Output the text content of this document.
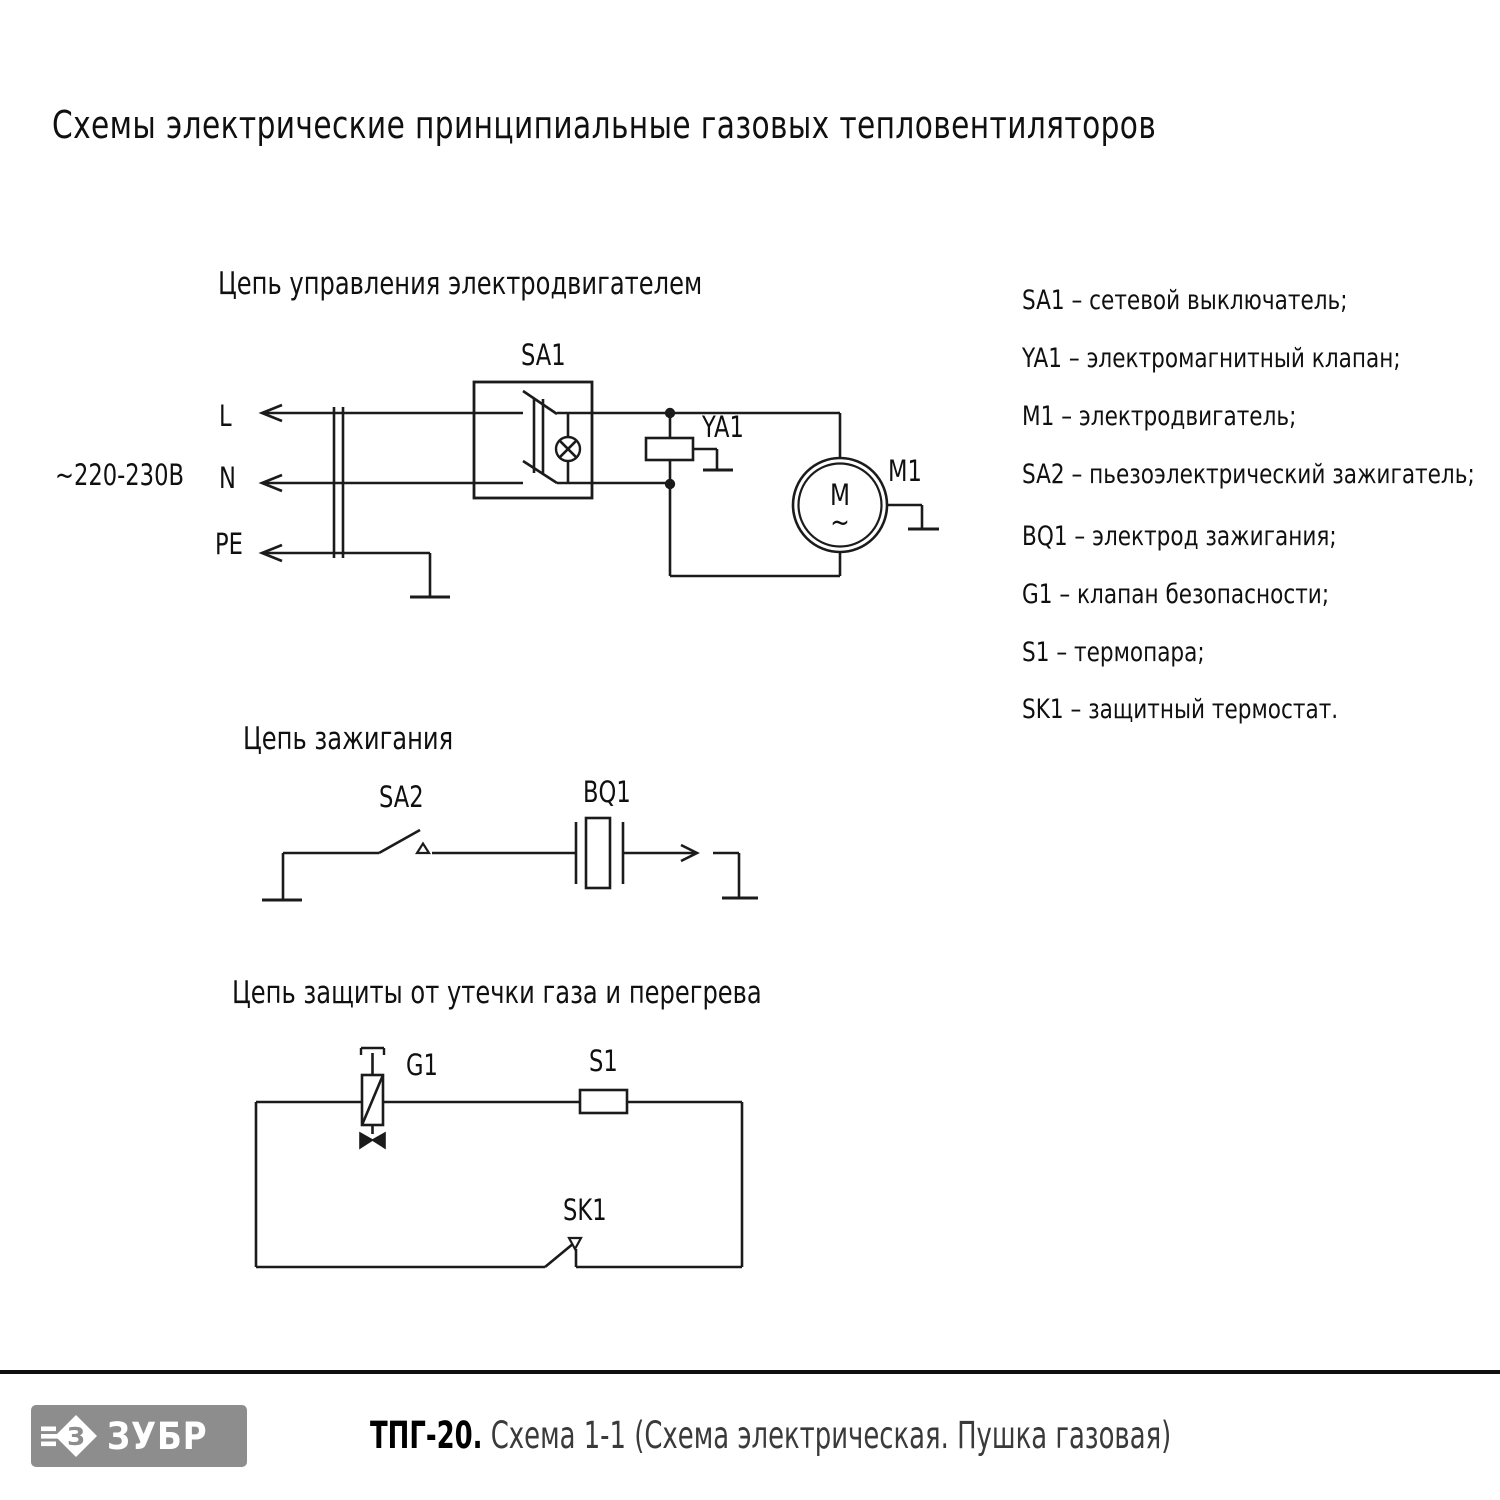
Схемы электрические принципиальные газовых тепловентиляторов
Цепь управления электродвигателем
~220-230В
L
N
PE
SA1
YA1
M1
M
~
SA1 – сетевой выключатель;
YA1 – электромагнитный клапан;
M1 – электродвигатель;
SA2 – пьезоэлектрический зажигатель;
BQ1 – электрод зажигания;
G1 – клапан безопасности;
S1 – термопара;
SK1 – защитный термостат.
Цепь зажигания
SA2	BQ1
Цепь защиты от утечки газа и перегрева
G1	S1
SK1
З ЗУБР	ТПГ-20. Схема 1-1 (Схема электрическая. Пушка газовая)
